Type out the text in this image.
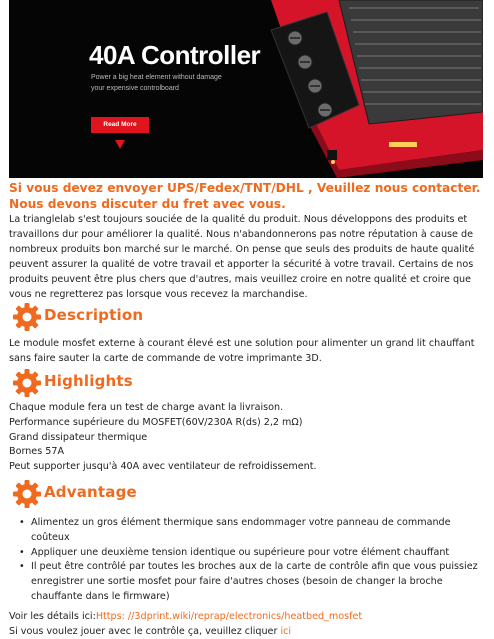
40A Controller
Power a big heat element without damage
your expensive controlboard
Read More
Si vous devez envoyer UPS/Fedex/TNT/DHL , Veuillez nous contacter. Nous devons discuter du fret avec vous.
La trianglelab s'est toujours souciée de la qualité du produit. Nous développons des produits et travaillons dur pour améliorer la qualité. Nous n'abandonnerons pas notre réputation à cause de nombreux produits bon marché sur le marché. On pense que seuls des produits de haute qualité peuvent assurer la qualité de votre travail et apporter la sécurité à votre travail. Certains de nos produits peuvent être plus chers que d'autres, mais veuillez croire en notre qualité et croire que vous ne regretterez pas lorsque vous recevez la marchandise.
Description
Le module mosfet externe à courant élevé est une solution pour alimenter un grand lit chauffant sans faire sauter la carte de commande de votre imprimante 3D.
Highlights
Chaque module fera un test de charge avant la livraison.
Performance supérieure du MOSFET(60V/230A R(ds) 2,2 mΩ)
Grand dissipateur thermique
Bornes 57A
Peut supporter jusqu'à 40A avec ventilateur de refroidissement.
Advantage
• Alimentez un gros élément thermique sans endommager votre panneau de commande coûteux
• Appliquer une deuxième tension identique ou supérieure pour votre élément chauffant
• Il peut être contrôlé par toutes les broches aux de la carte de contrôle afin que vous puissiez enregistrer une sortie mosfet pour faire d'autres choses (besoin de changer la broche chauffante dans le firmware)
Voir les détails ici:Https: //3dprint.wiki/reprap/electronics/heatbed_mosfet
Si vous voulez jouer avec le contrôle ça, veuillez cliquer ici
